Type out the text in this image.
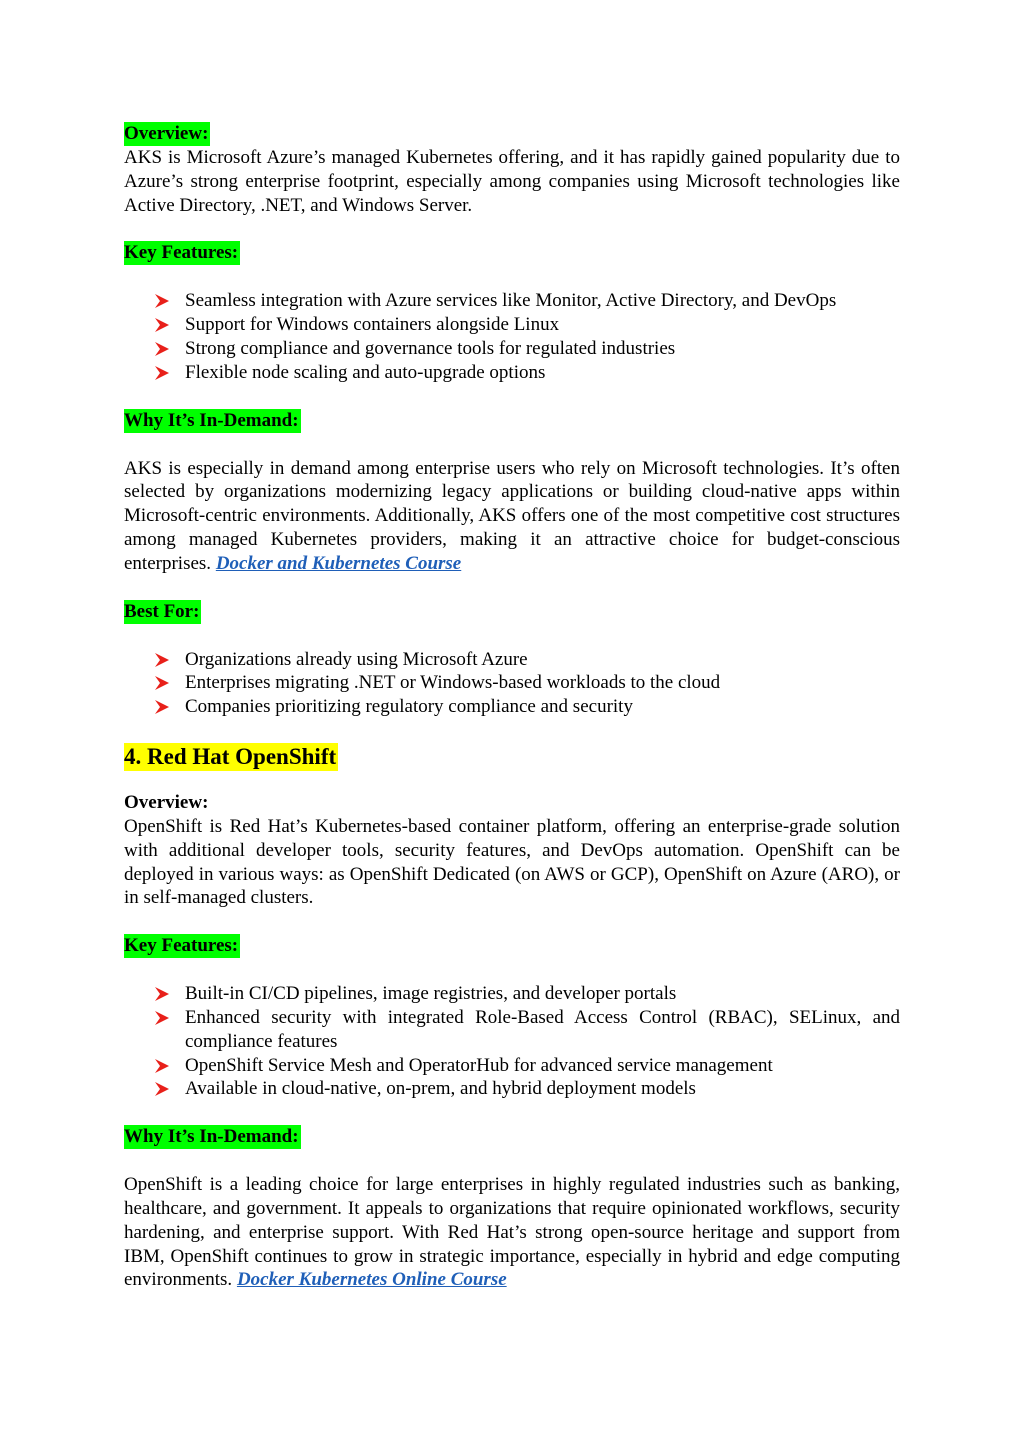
Overview:

AKS is Microsoft Azure’s managed Kubernetes offering, and it has rapidly gained popularity due to Azure’s strong enterprise footprint, especially among companies using Microsoft technologies like Active Directory, .NET, and Windows Server.

Key Features:
Seamless integration with Azure services like Monitor, Active Directory, and DevOps
Support for Windows containers alongside Linux
Strong compliance and governance tools for regulated industries
Flexible node scaling and auto-upgrade options
Why It’s In-Demand:

AKS is especially in demand among enterprise users who rely on Microsoft technologies. It’s often selected by organizations modernizing legacy applications or building cloud-native apps within Microsoft-centric environments. Additionally, AKS offers one of the most competitive cost structures among managed Kubernetes providers, making it an attractive choice for budget-conscious enterprises. Docker and Kubernetes Course

Best For:
Organizations already using Microsoft Azure
Enterprises migrating .NET or Windows-based workloads to the cloud
Companies prioritizing regulatory compliance and security
4. Red Hat OpenShift
Overview:

OpenShift is Red Hat’s Kubernetes-based container platform, offering an enterprise-grade solution with additional developer tools, security features, and DevOps automation. OpenShift can be deployed in various ways: as OpenShift Dedicated (on AWS or GCP), OpenShift on Azure (ARO), or in self-managed clusters.

Key Features:
Built-in CI/CD pipelines, image registries, and developer portals
Enhanced security with integrated Role-Based Access Control (RBAC), SELinux, and compliance features
OpenShift Service Mesh and OperatorHub for advanced service management
Available in cloud-native, on-prem, and hybrid deployment models
Why It’s In-Demand:

OpenShift is a leading choice for large enterprises in highly regulated industries such as banking, healthcare, and government. It appeals to organizations that require opinionated workflows, security hardening, and enterprise support. With Red Hat’s strong open-source heritage and support from IBM, OpenShift continues to grow in strategic importance, especially in hybrid and edge computing environments. Docker Kubernetes Online Course
